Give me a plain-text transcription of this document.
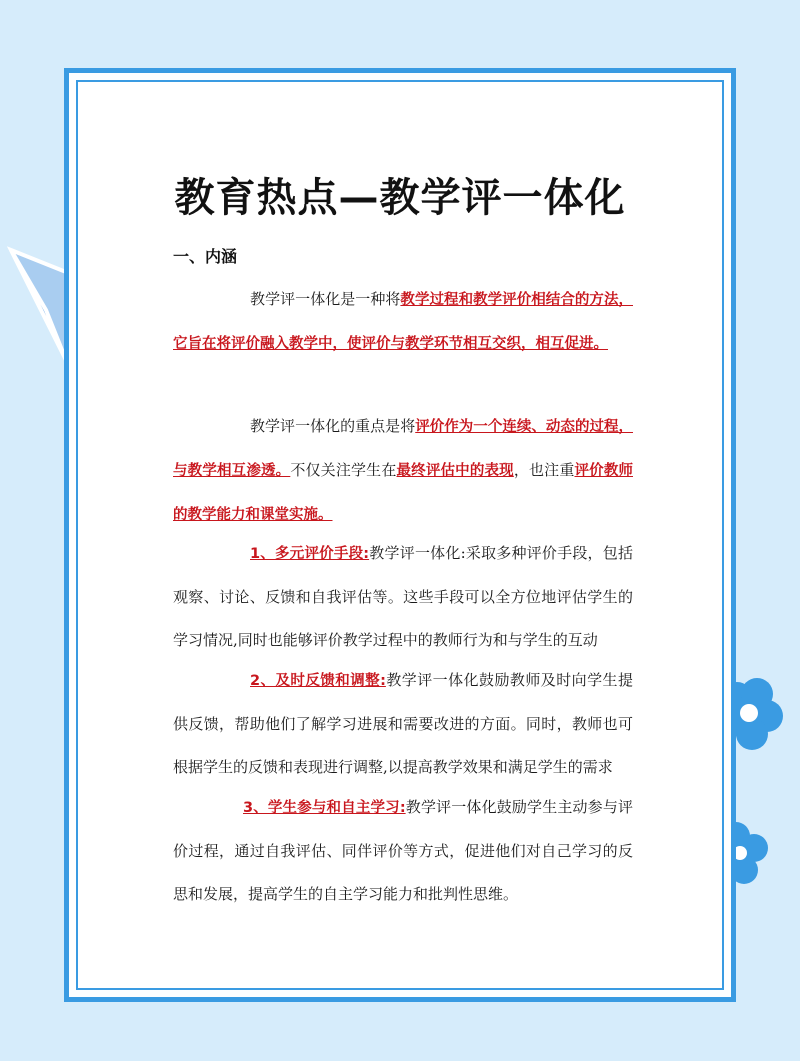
教育热点—教学评一体化
一、内涵
教学评一体化是一种将教学过程和教学评价相结合的方法，它旨在将评价融入教学中，使评价与教学环节相互交织，相互促进。
教学评一体化的重点是将评价作为一个连续、动态的过程，与教学相互渗透。不仅关注学生在最终评估中的表现，也注重评价教师的教学能力和课堂实施。
1、多元评价手段:教学评一体化:采取多种评价手段，包括观察、讨论、反馈和自我评估等。这些手段可以全方位地评估学生的学习情况,同时也能够评价教学过程中的教师行为和与学生的互动
2、及时反馈和调整:教学评一体化鼓励教师及时向学生提供反馈，帮助他们了解学习进展和需要改进的方面。同时，教师也可根据学生的反馈和表现进行调整,以提高教学效果和满足学生的需求
3、学生参与和自主学习:教学评一体化鼓励学生主动参与评价过程，通过自我评估、同伴评价等方式，促进他们对自己学习的反思和发展，提高学生的自主学习能力和批判性思维。
